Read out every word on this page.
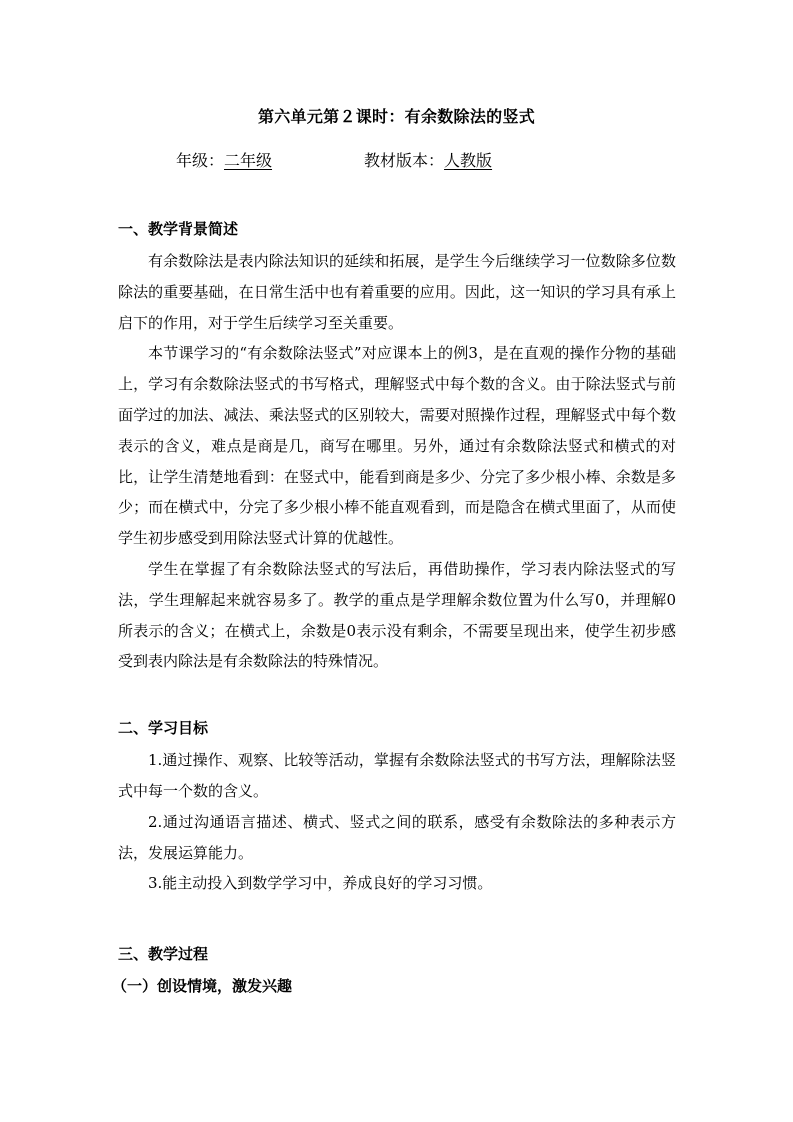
第六单元第２课时：有余数除法的竖式
年级：二年级	教材版本：人教版

一、教学背景简述

有余数除法是表内除法知识的延续和拓展，是学生今后继续学习一位数除多位数除法的重要基础，在日常生活中也有着重要的应用。因此，这一知识的学习具有承上启下的作用，对于学生后续学习至关重要。

本节课学习的“有余数除法竖式”对应课本上的例3，是在直观的操作分物的基础上，学习有余数除法竖式的书写格式，理解竖式中每个数的含义。由于除法竖式与前面学过的加法、减法、乘法竖式的区别较大，需要对照操作过程，理解竖式中每个数表示的含义，难点是商是几，商写在哪里。另外，通过有余数除法竖式和横式的对比，让学生清楚地看到：在竖式中，能看到商是多少、分完了多少根小棒、余数是多少；而在横式中，分完了多少根小棒不能直观看到，而是隐含在横式里面了，从而使学生初步感受到用除法竖式计算的优越性。

学生在掌握了有余数除法竖式的写法后，再借助操作，学习表内除法竖式的写法，学生理解起来就容易多了。教学的重点是学理解余数位置为什么写0，并理解0所表示的含义；在横式上，余数是0表示没有剩余，不需要呈现出来，使学生初步感受到表内除法是有余数除法的特殊情况。

二、学习目标

1.通过操作、观察、比较等活动，掌握有余数除法竖式的书写方法，理解除法竖式中每一个数的含义。

2.通过沟通语言描述、横式、竖式之间的联系，感受有余数除法的多种表示方法，发展运算能力。

3.能主动投入到数学学习中，养成良好的学习习惯。

三、教学过程

（一）创设情境，激发兴趣
